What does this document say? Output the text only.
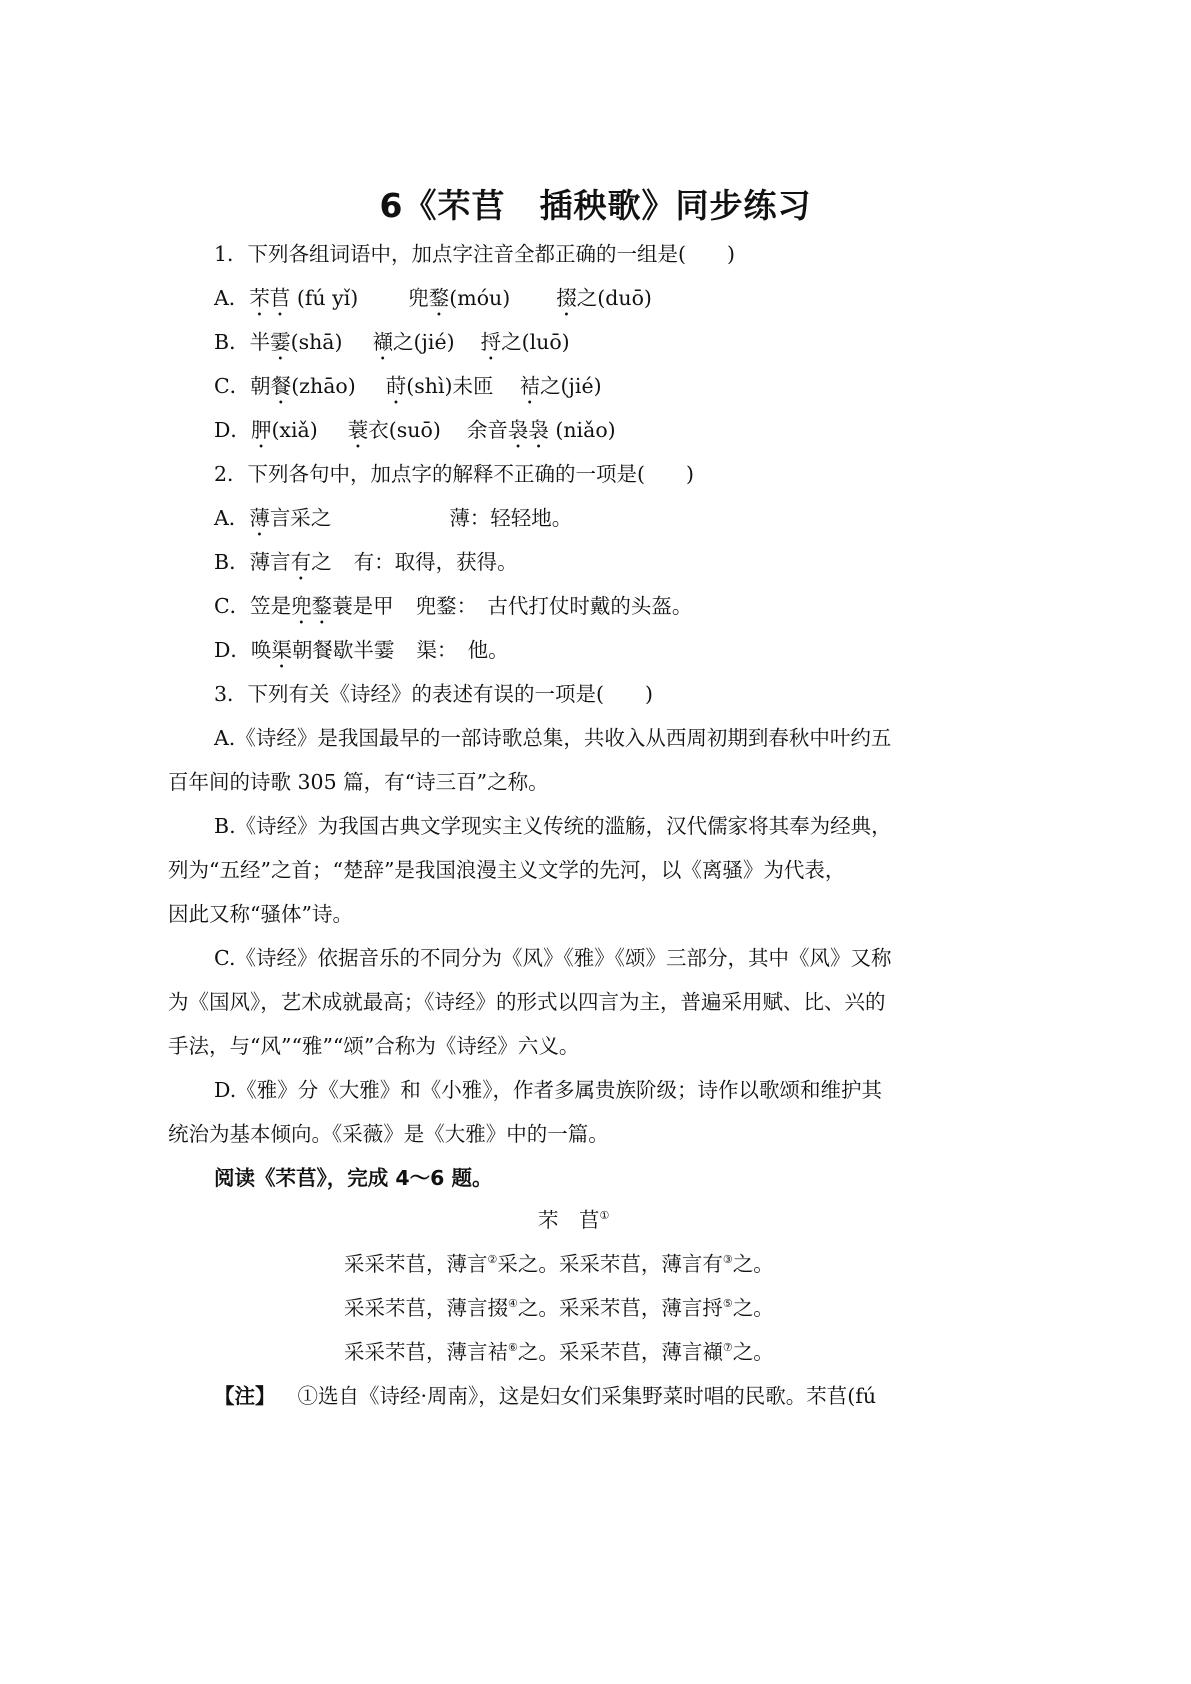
6《芣苢　插秧歌》同步练习
1．下列各组词语中，加点字注音全都正确的一组是(　　)
A．芣苢 (fú yǐ) 兜鍪(móu) 掇之(duō)
B．半霎(shā) 襭之(jié) 捋之(luō)
C．朝餐(zhāo) 莳(shì)未匝 袺之(jié)
D．胛(xiǎ) 蓑衣(suō) 余音袅袅 (niǎo)
2．下列各句中，加点字的解释不正确的一项是(　　)
A．薄言采之	薄：轻轻地。
B．薄言有之 有：取得，获得。
C．笠是兜鍪蓑是甲 兜鍪：　古代打仗时戴的头盔。
D．唤渠朝餐歇半霎 渠：　他。
3．下列有关《诗经》的表述有误的一项是(　　)
A.《诗经》是我国最早的一部诗歌总集，共收入从西周初期到春秋中叶约五
百年间的诗歌 305 篇，有“诗三百”之称。
B.《诗经》为我国古典文学现实主义传统的滥觞，汉代儒家将其奉为经典，
列为“五经”之首；“楚辞”是我国浪漫主义文学的先河，以《离骚》为代表，
因此又称“骚体”诗。
C.《诗经》依据音乐的不同分为《风》《雅》《颂》三部分，其中《风》又称
为《国风》，艺术成就最高；《诗经》的形式以四言为主，普遍采用赋、比、兴的
手法，与“风”“雅”“颂”合称为《诗经》六义。
D.《雅》分《大雅》和《小雅》，作者多属贵族阶级；诗作以歌颂和维护其
统治为基本倾向。《采薇》是《大雅》中的一篇。
阅读《芣苢》，完成 4～6 题。
芣　苢①
采采芣苢，薄言②采之。采采芣苢，薄言有③之。
采采芣苢，薄言掇④之。采采芣苢，薄言捋⑤之。
采采芣苢，薄言袺⑥之。采采芣苢，薄言襭⑦之。
【注】 ①选自《诗经·周南》，这是妇女们采集野菜时唱的民歌。芣苢(fú
